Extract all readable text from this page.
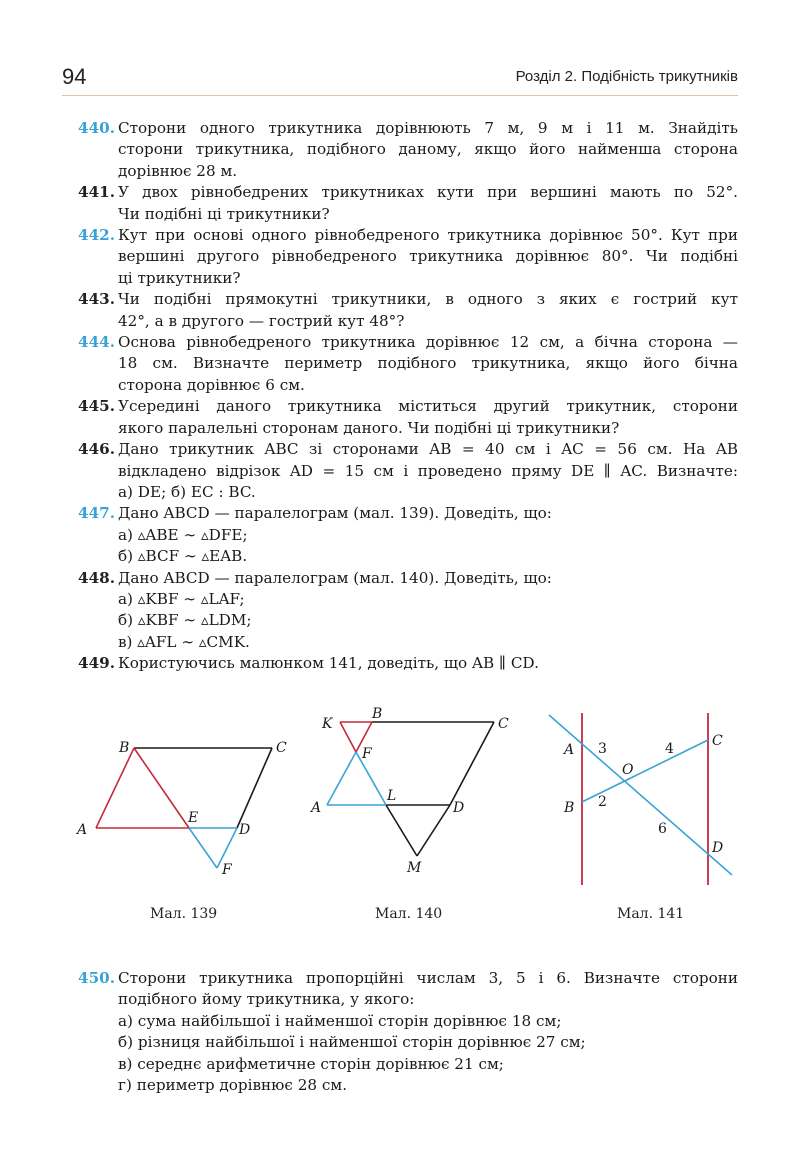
94	Розділ 2. Подібність трикутників
440. Сторони одного трикутника дорівнюють 7 м, 9 м і 11 м. Знайдіть
сторони трикутника, подібного даному, якщо його найменша сторона
дорівнює 28 м.
441. У двох рівнобедрених трикутниках кути при вершині мають по 52°.
Чи подібні ці трикутники?
442. Кут при основі одного рівнобедреного трикутника дорівнює 50°. Кут при
вершині другого рівнобедреного трикутника дорівнює 80°. Чи подібні
ці трикутники?
443. Чи подібні прямокутні трикутники, в одного з яких є гострий кут
42°, а в другого — гострий кут 48°?
444. Основа рівнобедреного трикутника дорівнює 12 см, а бічна сторона —
18 см. Визначте периметр подібного трикутника, якщо його бічна
сторона дорівнює 6 см.
445. Усередині даного трикутника міститься другий трикутник, сторони
якого паралельні сторонам даного. Чи подібні ці трикутники?
446. Дано трикутник ABC зі сторонами AB = 40 см і AC = 56 см. На AB
відкладено відрізок AD = 15 см і проведено пряму DE ∥ AC. Визначте:
а) DE; б) EC : BC.
447. Дано ABCD — паралелограм (мал. 139). Доведіть, що:
а) ▵ABE ∼ ▵DFE;
б) ▵BCF ∼ ▵EAB.
448. Дано ABCD — паралелограм (мал. 140). Доведіть, що:
а) ▵KBF ∼ ▵LAF;
б) ▵KBF ∼ ▵LDM;
в) ▵AFL ∼ ▵CMK.
449. Користуючись малюнком 141, доведіть, що AB ∥ CD.
B	C
A
E
D
F
Мал. 139
K
B
C
F
A
L
D
M
Мал. 140
A
B
C
D
O
3	4
2
6
Мал. 141
450. Сторони трикутника пропорційні числам 3, 5 і 6. Визначте сторони
подібного йому трикутника, у якого:
а) сума найбільшої і найменшої сторін дорівнює 18 см;
б) різниця найбільшої і найменшої сторін дорівнює 27 см;
в) середнє арифметичне сторін дорівнює 21 см;
г) периметр дорівнює 28 см.
